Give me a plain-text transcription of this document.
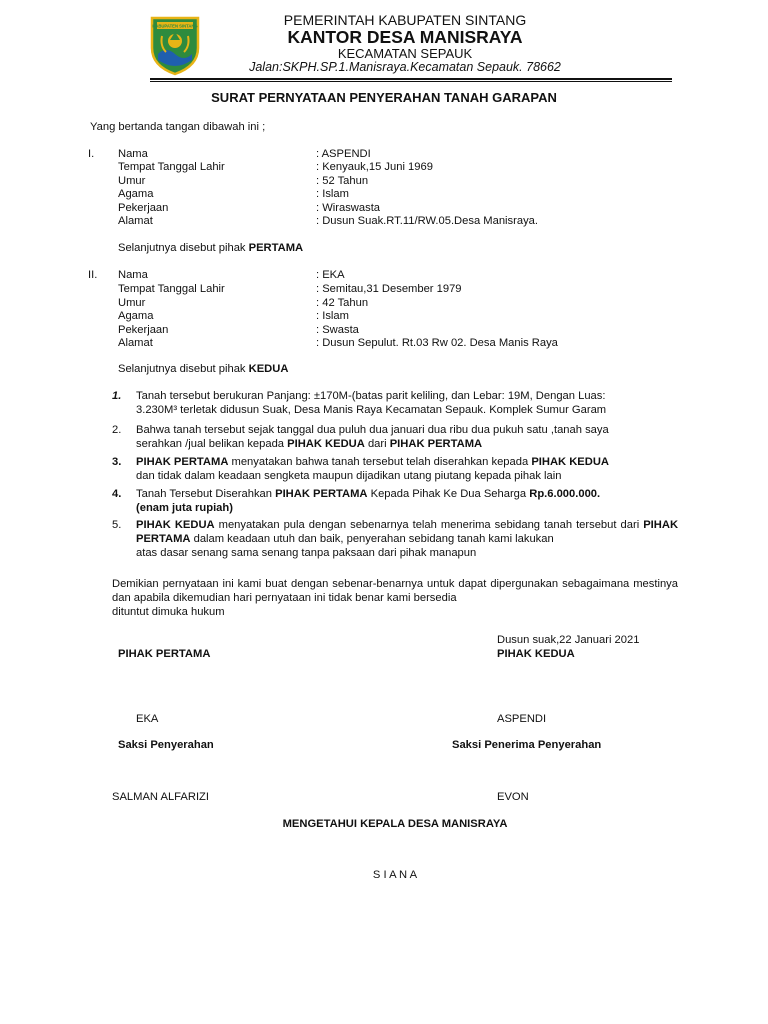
KABUPATEN SINTANG	PEMERINTAH KABUPATEN SINTANG
KANTOR DESA MANISRAYA
KECAMATAN SEPAUK
Jalan:SKPH.SP.1.Manisraya.Kecamatan Sepauk. 78662
SURAT PERNYATAAN PENYERAHAN TANAH GARAPAN
Yang bertanda tangan dibawah ini ;
I. Nama	: ASPENDI
Tempat Tanggal Lahir	: Kenyauk,15 Juni 1969
Umur	: 52 Tahun
Agama	: Islam
Pekerjaan	: Wiraswasta
Alamat	: Dusun Suak.RT.11/RW.05.Desa Manisraya.
Selanjutnya disebut pihak PERTAMA
II. Nama	: EKA
Tempat Tanggal Lahir	: Semitau,31 Desember 1979
Umur	: 42 Tahun
Agama	: Islam
Pekerjaan	: Swasta
Alamat	: Dusun Sepulut. Rt.03 Rw 02. Desa Manis Raya
Selanjutnya disebut pihak KEDUA
1. Tanah tersebut berukuran Panjang: ±170M-(batas parit keliling, dan Lebar: 19M, Dengan Luas:
3.230M³ terletak didusun Suak, Desa Manis Raya Kecamatan Sepauk. Komplek Sumur Garam
2. Bahwa tanah tersebut sejak tanggal dua puluh dua januari dua ribu dua pukuh satu ,tanah saya
serahkan /jual belikan kepada PIHAK KEDUA dari PIHAK PERTAMA
3. PIHAK PERTAMA menyatakan bahwa tanah tersebut telah diserahkan kepada PIHAK KEDUA
dan tidak dalam keadaan sengketa maupun dijadikan utang piutang kepada pihak lain
4. Tanah Tersebut Diserahkan PIHAK PERTAMA Kepada Pihak Ke Dua Seharga Rp.6.000.000.
(enam juta rupiah)
5. PIHAK KEDUA menyatakan pula dengan sebenarnya telah menerima sebidang tanah tersebut dari PIHAK PERTAMA dalam keadaan utuh dan baik, penyerahan sebidang tanah kami lakukan
atas dasar senang sama senang tanpa paksaan dari pihak manapun
Demikian pernyataan ini kami buat dengan sebenar-benarnya untuk dapat dipergunakan sebagaimana mestinya dan apabila dikemudian hari pernyataan ini tidak benar kami bersedia
dituntut dimuka hukum
Dusun suak,22 Januari 2021
PIHAK PERTAMA	PIHAK KEDUA
EKA	ASPENDI
Saksi Penyerahan	Saksi Penerima Penyerahan
SALMAN ALFARIZI	EVON
MENGETAHUI KEPALA DESA MANISRAYA
S I A N A
